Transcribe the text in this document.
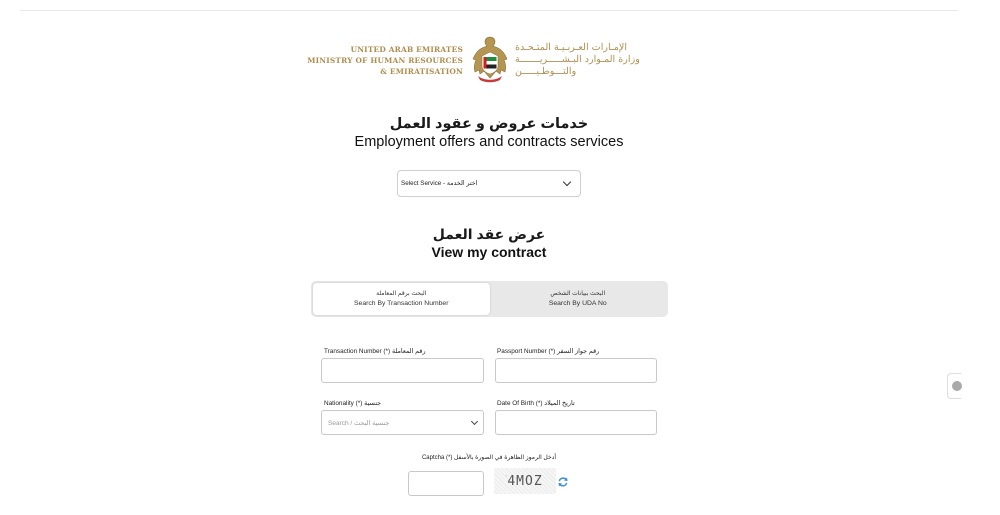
UNITED ARAB EMIRATES
MINISTRY OF HUMAN RESOURCES
& EMIRATISATION
الإمـارات العـربـيـة المتـحـدة
وزارة المـوارد البـشـــــريـــــــة
والتـــوطـيـــــن
خدمات عروض و عقود العمل
Employment offers and contracts services
Select Service - اختر الخدمة
عرض عقد العمل
View my contract
البحث برقم المعاملة
Search By Transaction Number
البحث ببيانات الشخص
Search By UDA No
Transaction Number (*) رقم المعاملة	Passport Number (*) رقم جواز السفر
Nationality (*) جنسية
Search / جنسية البحث
Date Of Birth (*) تاريخ الميلاد
Captcha (*) أدخل الرموز الظاهرة في الصورة بالأسفل
4MOZ
